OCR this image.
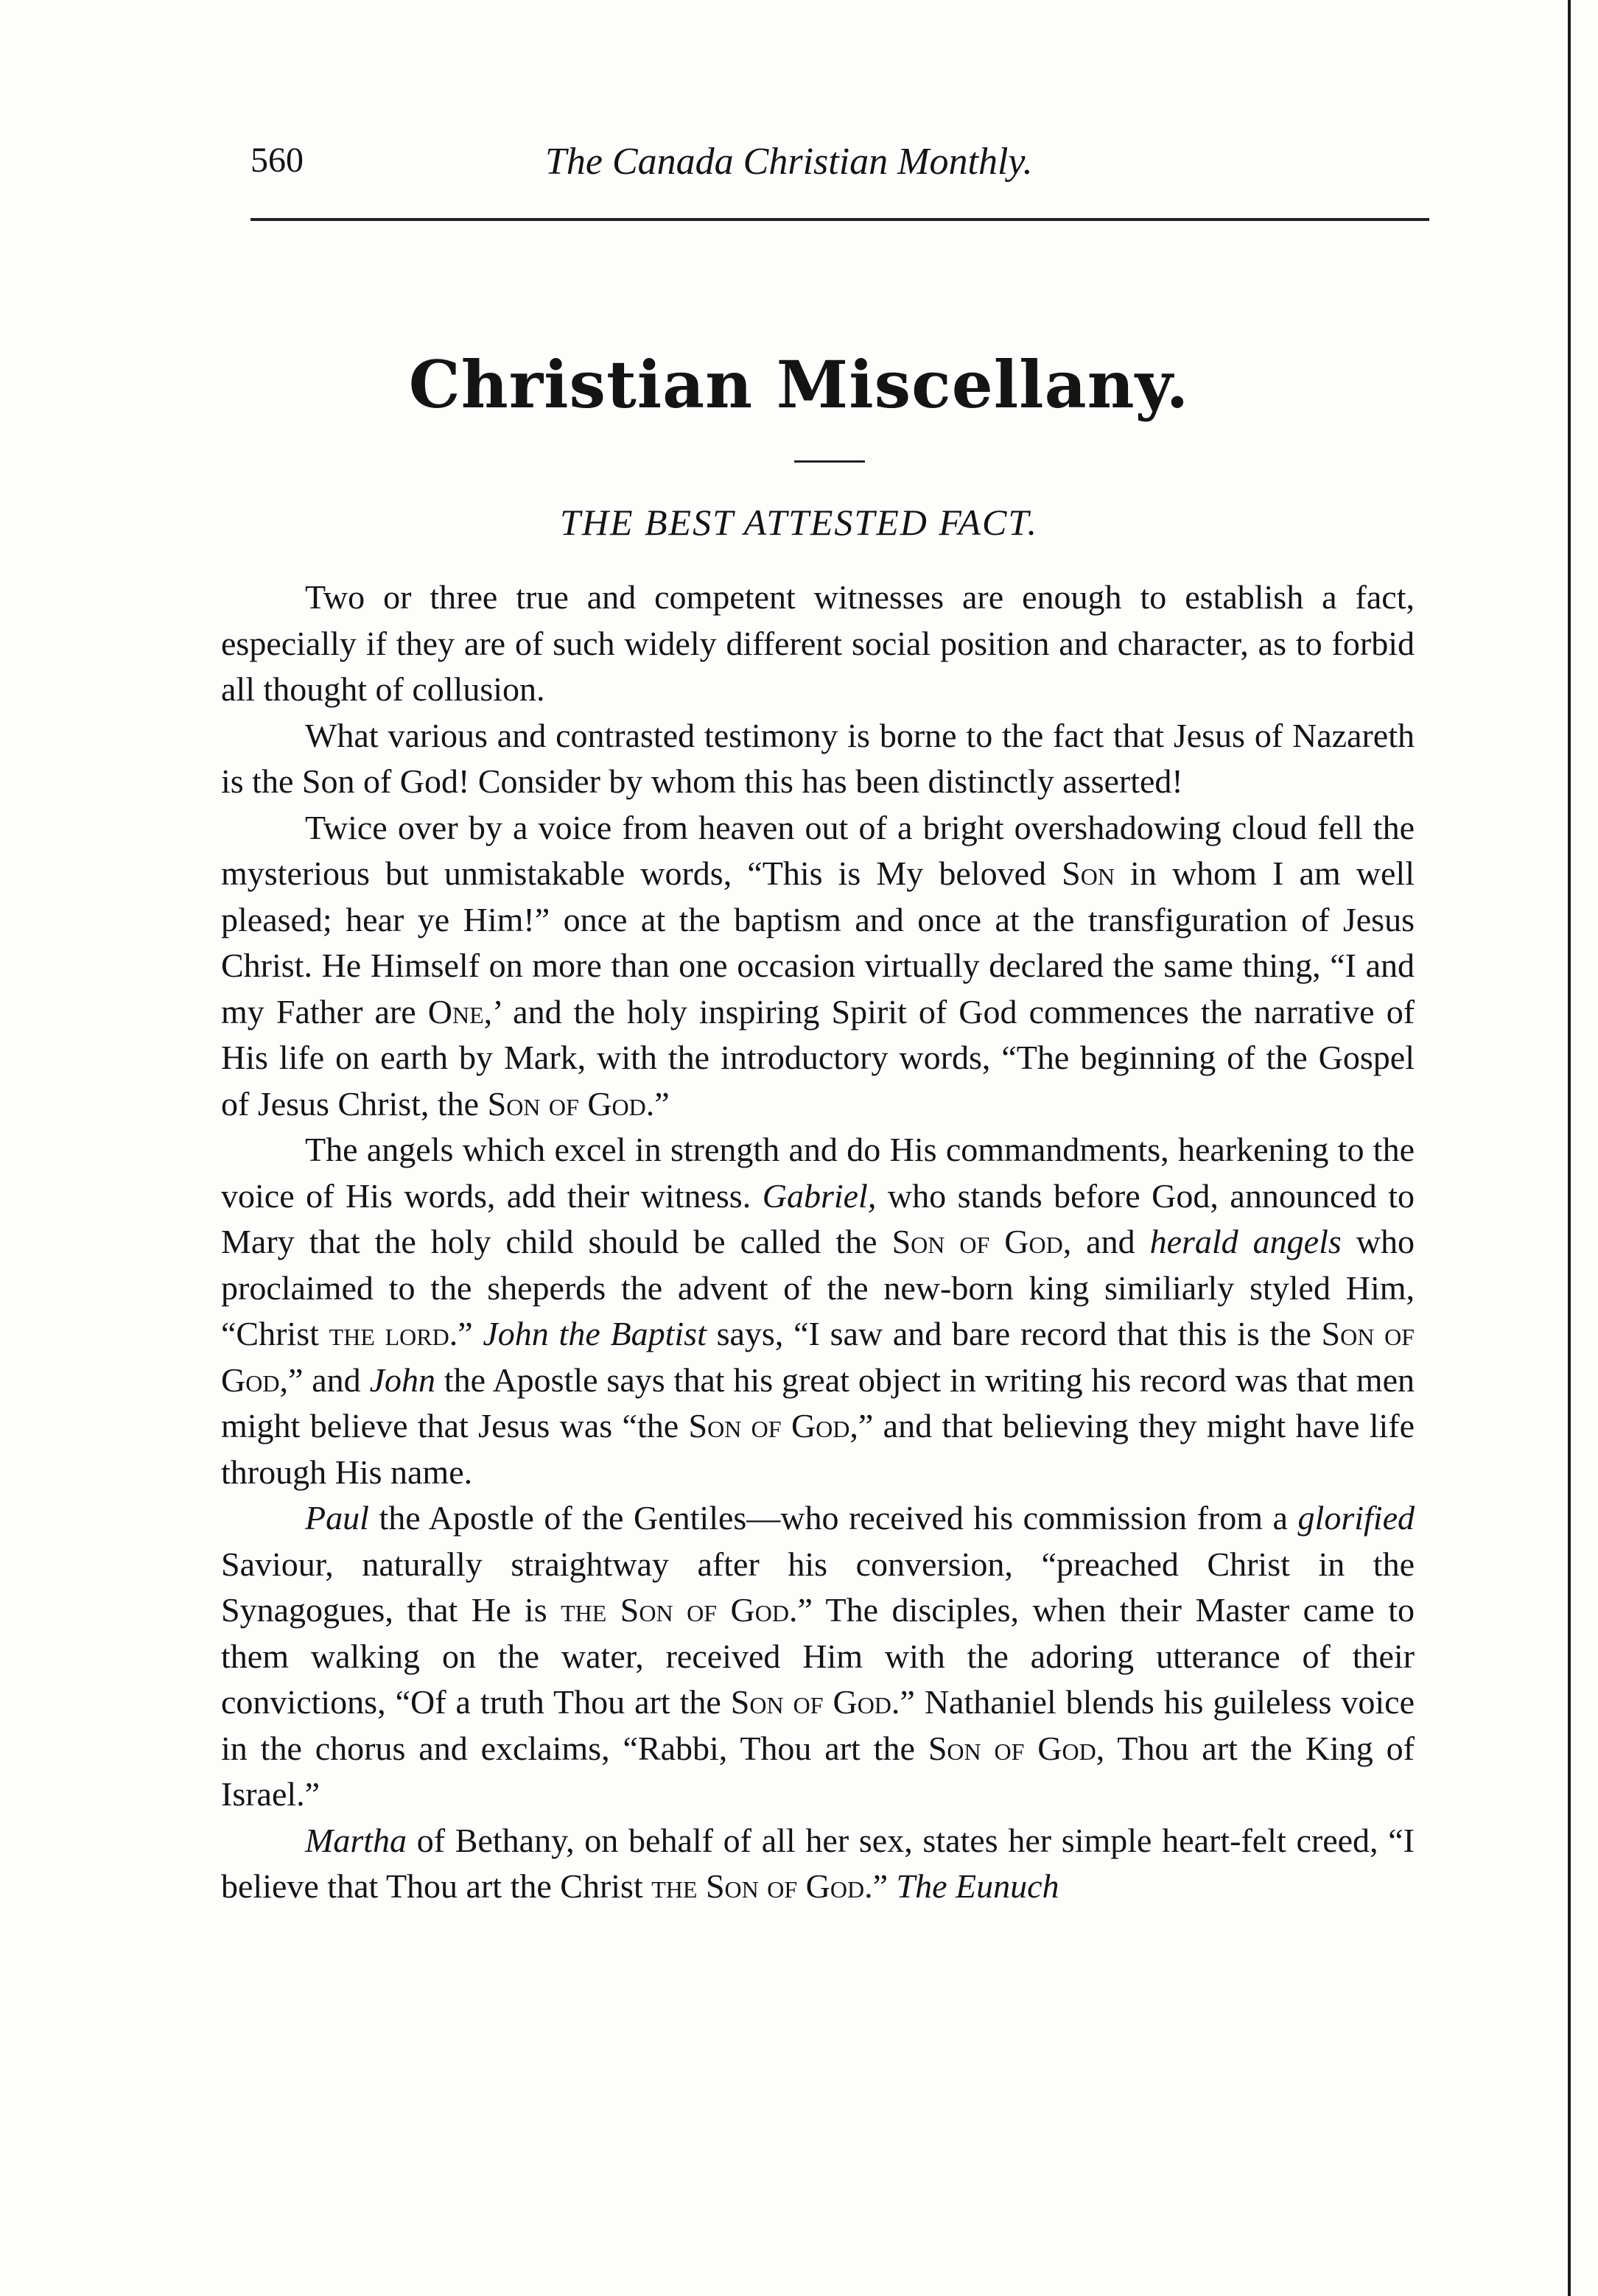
560	The Canada Christian Monthly.
Christian Miscellany.
THE BEST ATTESTED FACT.

Two or three true and competent witnesses are enough to establish a fact, especially if they are of such widely different social position and character, as to forbid all thought of collusion.

What various and contrasted testimony is borne to the fact that Jesus of Nazareth is the Son of God! Consider by whom this has been distinctly asserted!

Twice over by a voice from heaven out of a bright overshadowing cloud fell the mysterious but unmistakable words, “This is My beloved Son in whom I am well pleased; hear ye Him!” once at the baptism and once at the transfiguration of Jesus Christ. He Himself on more than one occasion virtually declared the same thing, “I and my Father are One,’ and the holy inspiring Spirit of God commences the narrative of His life on earth by Mark, with the introductory words, “The beginning of the Gospel of Jesus Christ, the Son of God.”

The angels which excel in strength and do His commandments, hearkening to the voice of His words, add their witness. Gabriel, who stands before God, announced to Mary that the holy child should be called the Son of God, and herald angels who proclaimed to the sheperds the advent of the new-born king similiarly styled Him, “Christ the lord.” John the Baptist says, “I saw and bare record that this is the Son of God,” and John the Apostle says that his great object in writing his record was that men might believe that Jesus was “the Son of God,” and that believing they might have life through His name.

Paul the Apostle of the Gentiles—who received his commission from a glorified Saviour, naturally straightway after his conversion, “preached Christ in the Synagogues, that He is the Son of God.” The disciples, when their Master came to them walking on the water, received Him with the adoring utterance of their convictions, “Of a truth Thou art the Son of God.” Nathaniel blends his guileless voice in the chorus and exclaims, “Rabbi, Thou art the Son of God, Thou art the King of Israel.”

Martha of Bethany, on behalf of all her sex, states her simple heart-felt creed, “I believe that Thou art the Christ the Son of God.” The Eunuch
